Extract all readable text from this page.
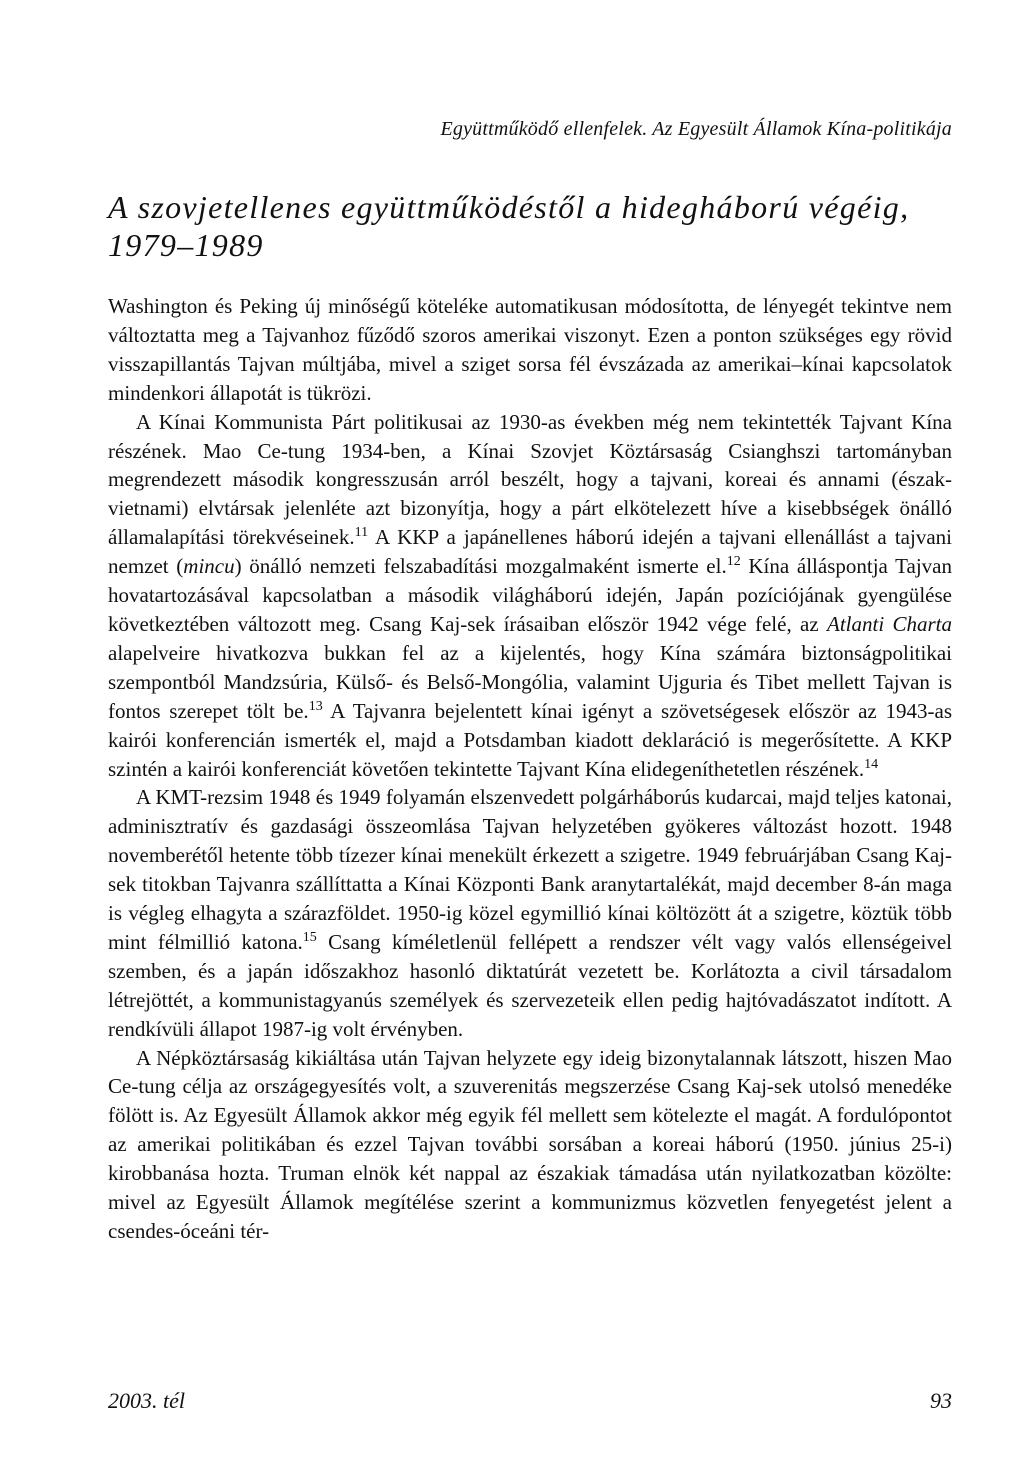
Együttműködő ellenfelek. Az Egyesült Államok Kína-politikája
A szovjetellenes együttműködéstől a hidegháború végéig,
1979–1989

Washington és Peking új minőségű köteléke automatikusan módosította, de lényegét tekintve nem változtatta meg a Tajvanhoz fűződő szoros amerikai viszonyt. Ezen a ponton szükséges egy rövid visszapillantás Tajvan múltjába, mivel a sziget sorsa fél évszázada az amerikai–kínai kapcsolatok mindenkori állapotát is tükrözi.

A Kínai Kommunista Párt politikusai az 1930-as években még nem tekintették Tajvant Kína részének. Mao Ce-tung 1934-ben, a Kínai Szovjet Köztársaság Csianghszi tartományban megrendezett második kongresszusán arról beszélt, hogy a tajvani, koreai és annami (észak-vietnami) elvtársak jelenléte azt bizonyítja, hogy a párt elkötelezett híve a kisebbségek önálló államalapítási törekvéseinek.$^{11}$ A KKP a japánellenes háború idején a tajvani ellenállást a tajvani nemzet (mincu) önálló nemzeti felszabadítási mozgalmaként ismerte el.$^{12}$ Kína álláspontja Tajvan hovatartozásával kapcsolatban a második világháború idején, Japán pozíciójának gyengülése következtében változott meg. Csang Kaj-sek írásaiban először 1942 vége felé, az Atlanti Charta alapelveire hivatkozva bukkan fel az a kijelentés, hogy Kína számára biztonságpolitikai szempontból Mandzsúria, Külső- és Belső-Mongólia, valamint Ujguria és Tibet mellett Tajvan is fontos szerepet tölt be.$^{13}$ A Tajvanra bejelentett kínai igényt a szövetségesek először az 1943-as kairói konferencián ismerték el, majd a Potsdamban kiadott deklaráció is megerősítette. A KKP szintén a kairói konferenciát követően tekintette Tajvant Kína elidegeníthetetlen részének.$^{14}$

A KMT-rezsim 1948 és 1949 folyamán elszenvedett polgárháborús kudarcai, majd teljes katonai, adminisztratív és gazdasági összeomlása Tajvan helyzetében gyökeres változást hozott. 1948 novemberétől hetente több tízezer kínai menekült érkezett a szigetre. 1949 februárjában Csang Kaj-sek titokban Tajvanra szállíttatta a Kínai Központi Bank aranytartalékát, majd december 8-án maga is végleg elhagyta a szárazföldet. 1950-ig közel egymillió kínai költözött át a szigetre, köztük több mint félmillió katona.$^{15}$ Csang kíméletlenül fellépett a rendszer vélt vagy valós ellenségeivel szemben, és a japán időszakhoz hasonló diktatúrát vezetett be. Korlátozta a civil társadalom létrejöttét, a kommunistagyanús személyek és szervezeteik ellen pedig hajtóvadászatot indított. A rendkívüli állapot 1987-ig volt érvényben.

A Népköztársaság kikiáltása után Tajvan helyzete egy ideig bizonytalannak látszott, hiszen Mao Ce-tung célja az országegyesítés volt, a szuverenitás megszerzése Csang Kaj-sek utolsó menedéke fölött is. Az Egyesült Államok akkor még egyik fél mellett sem kötelezte el magát. A fordulópontot az amerikai politikában és ezzel Tajvan további sorsában a koreai háború (1950. június 25-i) kirobbanása hozta. Truman elnök két nappal az északiak támadása után nyilatkozatban közölte: mivel az Egyesült Államok megítélése szerint a kommunizmus közvetlen fenyegetést jelent a csendes-óceáni tér-

2003. tél	93
